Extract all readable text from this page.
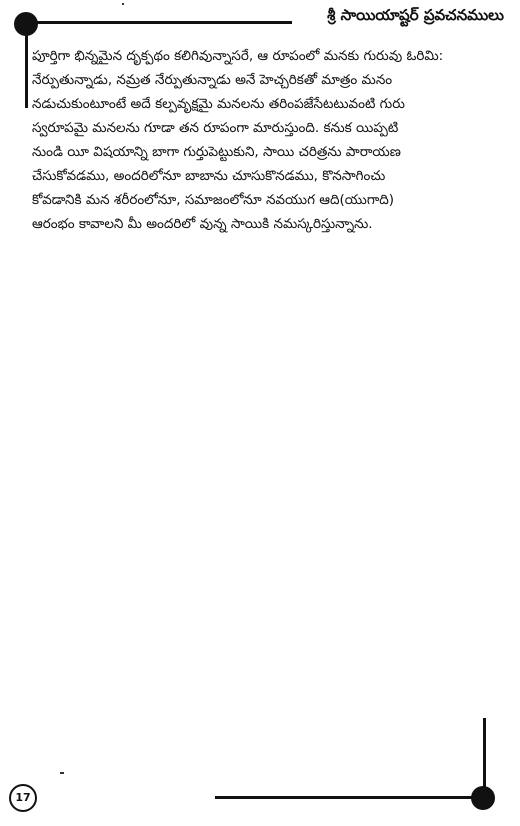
శ్రీ సాయియాష్టర్ ప్రవచనములు
పూర్తిగా భిన్నమైన దృక్పథం కలిగివున్నాసరే, ఆ రూపంలో మనకు గురువు ఓరిమి:
నేర్పుతున్నాడు, నమ్రత నేర్పుతున్నాడు అనే హెచ్చరికతో మాత్రం మనం
నడుచుకుంటూంటే అదే కల్పవృక్షమై మనలను తరింపజేసేటటువంటి గురు
స్వరూపమై మనలను గూడా తన రూపంగా మారుస్తుంది. కనుక యిప్పటి
నుండి యీ విషయాన్ని బాగా గుర్తుపెట్టుకుని, సాయి చరిత్రను పారాయణ
చేసుకోవడము, అందరిలోనూ బాబాను చూసుకొనడము, కొనసాగించు
కోవడానికి మన శరీరంలోనూ, సమాజంలోనూ నవయుగ ఆది(యుగాది)
ఆరంభం కావాలని మీ అందరిలో వున్న సాయికి నమస్కరిస్తున్నాను.
17
